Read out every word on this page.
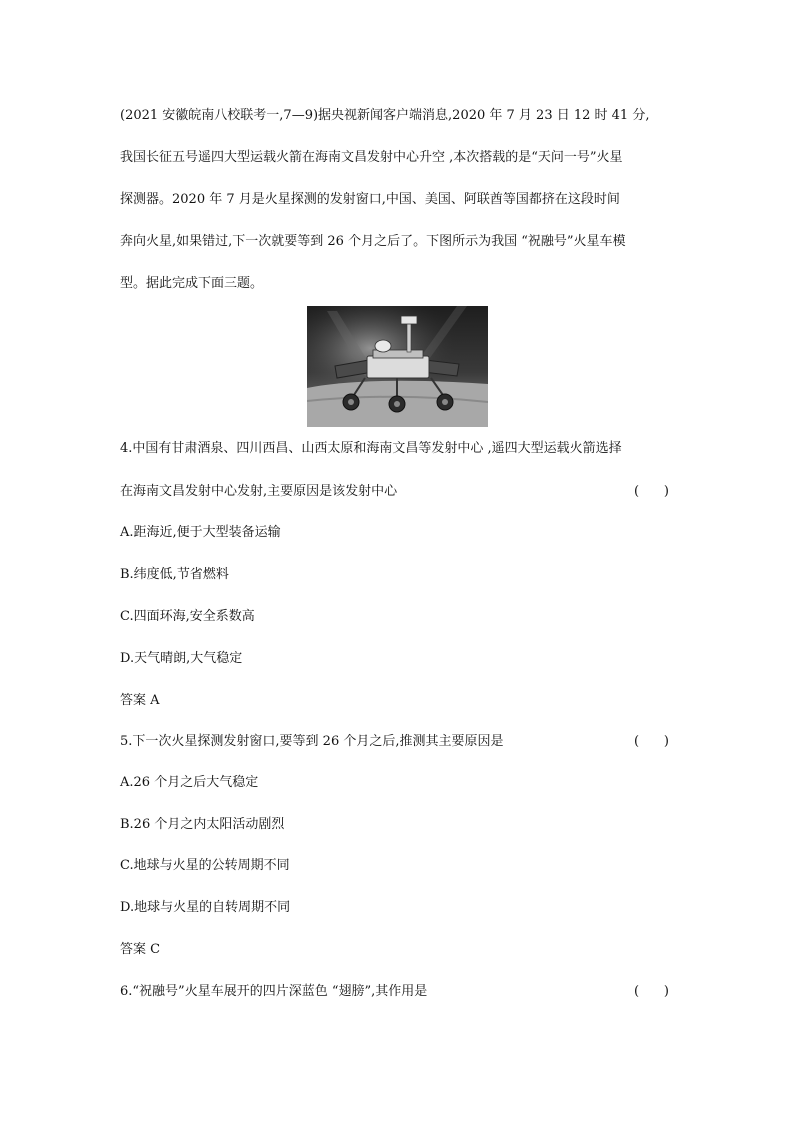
(2021 安徽皖南八校联考一,7—9)据央视新闻客户端消息,2020 年 7 月 23 日 12 时 41 分,
我国长征五号遥四大型运载火箭在海南文昌发射中心升空 ,本次搭载的是“天问一号”火星
探测器。2020 年 7 月是火星探测的发射窗口,中国、美国、阿联酋等国都挤在这段时间
奔向火星,如果错过,下一次就要等到 26 个月之后了。下图所示为我国 “祝融号”火星车模
型。据此完成下面三题。
4.中国有甘肃酒泉、四川西昌、山西太原和海南文昌等发射中心 ,遥四大型运载火箭选择
在海南文昌发射中心发射,主要原因是该发射中心	(      )
A.距海近,便于大型装备运输
B.纬度低,节省燃料
C.四面环海,安全系数高
D.天气晴朗,大气稳定
答案 A
5.下一次火星探测发射窗口,要等到 26 个月之后,推测其主要原因是	(      )
A.26 个月之后大气稳定
B.26 个月之内太阳活动剧烈
C.地球与火星的公转周期不同
D.地球与火星的自转周期不同
答案 C
6.“祝融号”火星车展开的四片深蓝色 “翅膀”,其作用是	(      )
